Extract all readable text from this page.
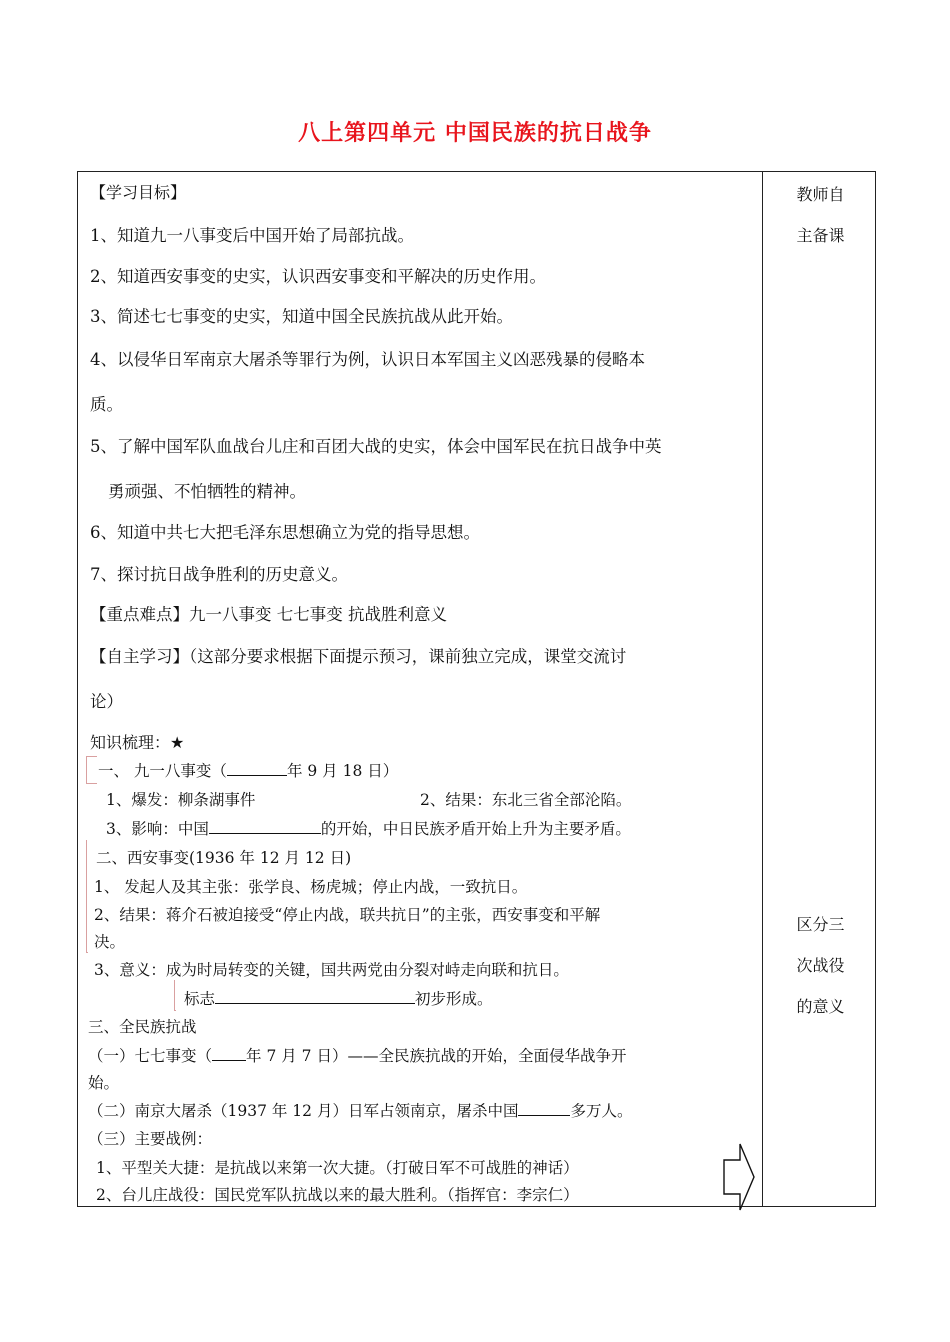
八上第四单元 中国民族的抗日战争
教师自
主备课
区分三
次战役
的意义
【学习目标】
1、知道九一八事变后中国开始了局部抗战。
2、知道西安事变的史实，认识西安事变和平解决的历史作用。
3、简述七七事变的史实，知道中国全民族抗战从此开始。
4、以侵华日军南京大屠杀等罪行为例，认识日本军国主义凶恶残暴的侵略本
质。
5、了解中国军队血战台儿庄和百团大战的史实，体会中国军民在抗日战争中英
勇顽强、不怕牺牲的精神。
6、知道中共七大把毛泽东思想确立为党的指导思想。
7、探讨抗日战争胜利的历史意义。
【重点难点】九一八事变 七七事变 抗战胜利意义
【自主学习】（这部分要求根据下面提示预习，课前独立完成，课堂交流讨
论）
知识梳理：★
一、 九一八事变（	年 9 月 18 日）
1、爆发：柳条湖事件	2、结果：东北三省全部沦陷。
3、影响：中国	的开始，中日民族矛盾开始上升为主要矛盾。
二、西安事变(1936 年 12 月 12 日)
1、 发起人及其主张：张学良、杨虎城；停止内战，一致抗日。
2、结果：蒋介石被迫接受“停止内战，联共抗日”的主张，西安事变和平解
决。
3、意义：成为时局转变的关键，国共两党由分裂对峙走向联和抗日。
标志	初步形成。
三、全民族抗战
（一）七七事变（ 年 7 月 7 日）——全民族抗战的开始，全面侵华战争开
始。
（二）南京大屠杀（1937 年 12 月）日军占领南京，屠杀中国	多万人。
（三）主要战例：
1、平型关大捷：是抗战以来第一次大捷。（打破日军不可战胜的神话）
2、台儿庄战役：国民党军队抗战以来的最大胜利。（指挥官：李宗仁）
